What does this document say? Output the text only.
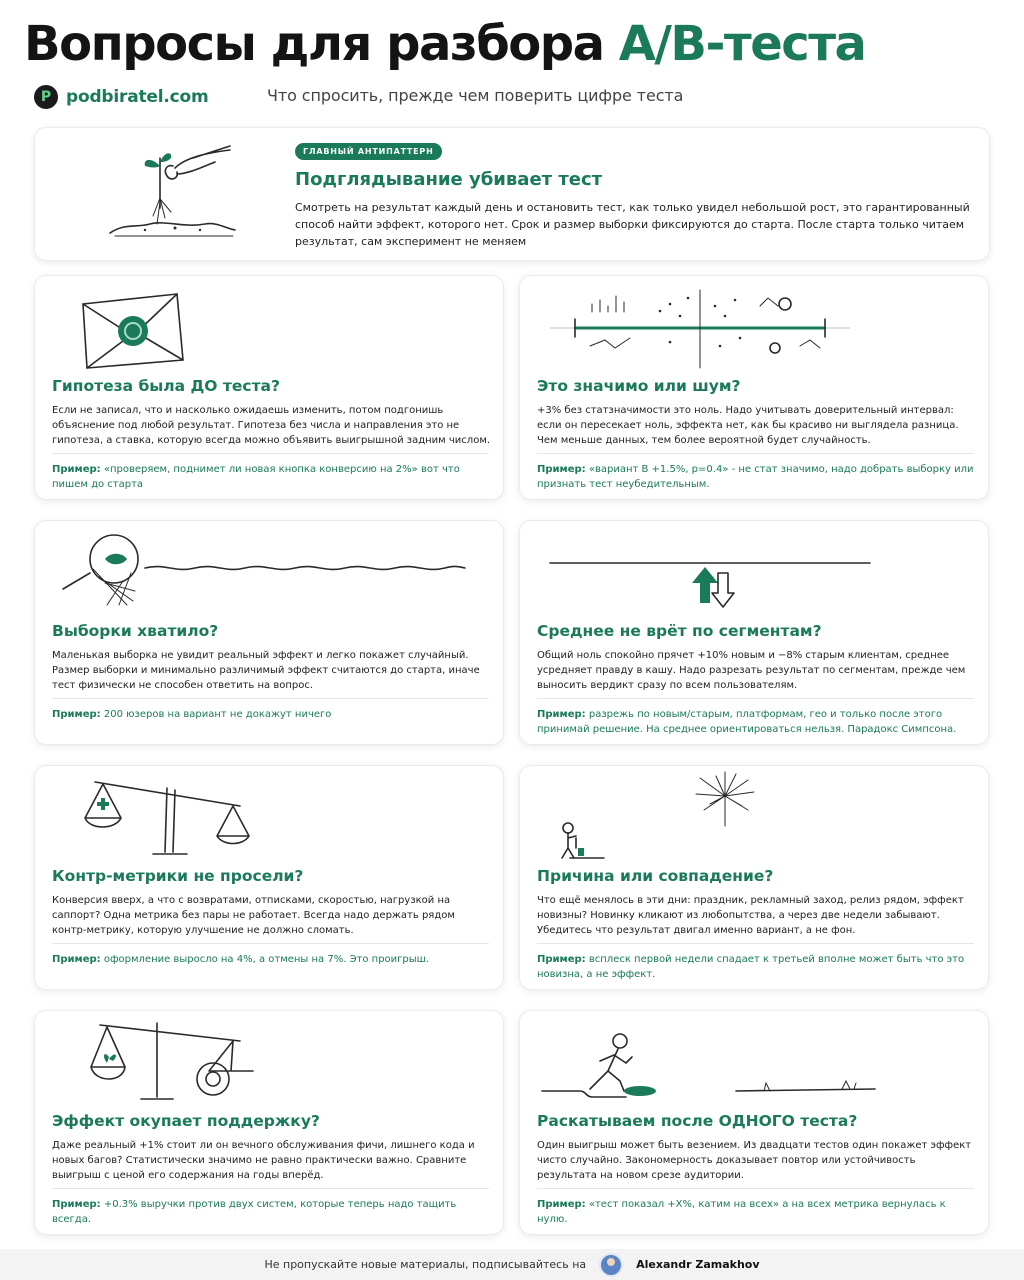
Вопросы для разбора A/B-теста
P podbiratel.com	Что спросить, прежде чем поверить цифре теста
ГЛАВНЫЙ АНТИПАТТЕРН
Подглядывание убивает тест
Смотреть на результат каждый день и остановить тест, как только увидел небольшой рост, это гарантированный способ найти эффект, которого нет. Срок и размер выборки фиксируются до старта. После старта только читаем результат, сам эксперимент не меняем
Гипотеза была ДО теста?
Если не записал, что и насколько ожидаешь изменить, потом подгонишь объяснение под любой результат. Гипотеза без числа и направления это не гипотеза, а ставка, которую всегда можно объявить выигрышной задним числом.
Пример: «проверяем, поднимет ли новая кнопка конверсию на 2%» вот что пишем до старта
Это значимо или шум?
+3% без статзначимости это ноль. Надо учитывать доверительный интервал: если он пересекает ноль, эффекта нет, как бы красиво ни выглядела разница. Чем меньше данных, тем более вероятной будет случайность.
Пример: «вариант B +1.5%, p=0.4» - не стат значимо, надо добрать выборку или признать тест неубедительным.
Выборки хватило?
Маленькая выборка не увидит реальный эффект и легко покажет случайный. Размер выборки и минимально различимый эффект считаются до старта, иначе тест физически не способен ответить на вопрос.
Пример: 200 юзеров на вариант не докажут ничего
Среднее не врёт по сегментам?
Общий ноль спокойно прячет +10% новым и −8% старым клиентам, среднее усредняет правду в кашу. Надо разрезать результат по сегментам, прежде чем выносить вердикт сразу по всем пользователям.
Пример: разрежь по новым/старым, платформам, гео и только после этого принимай решение. На среднее ориентироваться нельзя. Парадокс Симпсона.
Контр-метрики не просели?
Конверсия вверх, а что с возвратами, отписками, скоростью, нагрузкой на саппорт? Одна метрика без пары не работает. Всегда надо держать рядом контр-метрику, которую улучшение не должно сломать.
Пример: оформление выросло на 4%, а отмены на 7%. Это проигрыш.
Причина или совпадение?
Что ещё менялось в эти дни: праздник, рекламный заход, релиз рядом, эффект новизны? Новинку кликают из любопытства, а через две недели забывают. Убедитесь что результат двигал именно вариант, а не фон.
Пример: всплеск первой недели спадает к третьей вполне может быть что это новизна, а не эффект.
Эффект окупает поддержку?
Даже реальный +1% стоит ли он вечного обслуживания фичи, лишнего кода и новых багов? Статистически значимо не равно практически важно. Сравните выигрыш с ценой его содержания на годы вперёд.
Пример: +0.3% выручки против двух систем, которые теперь надо тащить всегда.
Раскатываем после ОДНОГО теста?
Один выигрыш может быть везением. Из двадцати тестов один покажет эффект чисто случайно. Закономерность доказывает повтор или устойчивость результата на новом срезе аудитории.
Пример: «тест показал +X%, катим на всех» а на всех метрика вернулась к нулю.
Не пропускайте новые материалы, подписывайтесь на	Alexandr Zamakhov
